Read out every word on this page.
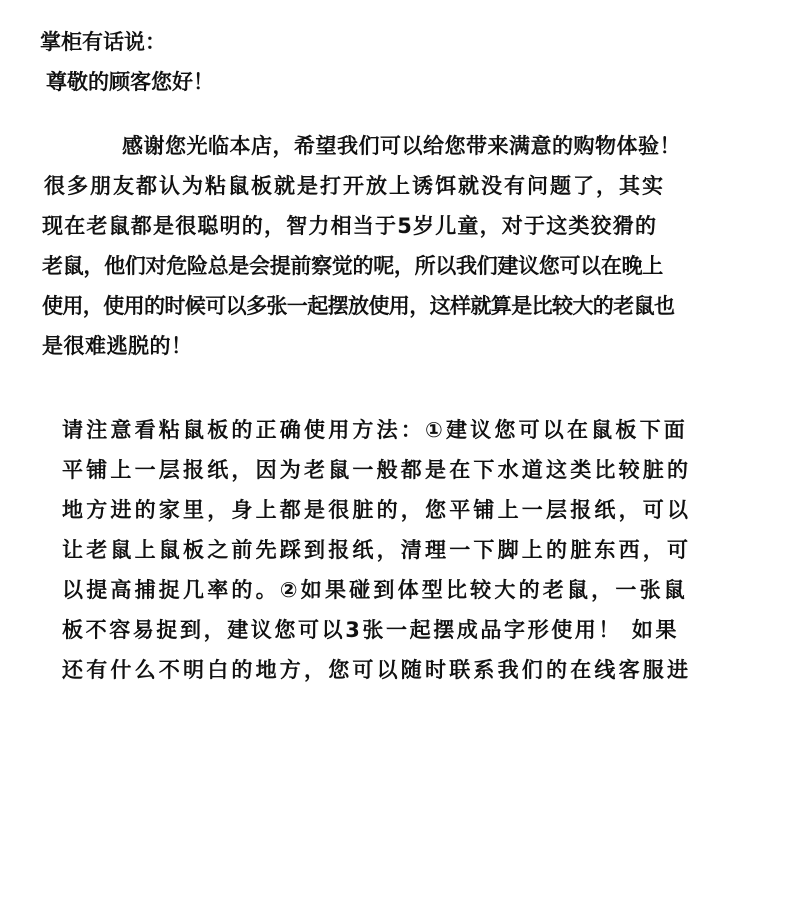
掌柜有话说：
尊敬的顾客您好！
感谢您光临本店，希望我们可以给您带来满意的购物体验！
很多朋友都认为粘鼠板就是打开放上诱饵就没有问题了，其实
现在老鼠都是很聪明的，智力相当于5岁儿童，对于这类狡猾的
老鼠，他们对危险总是会提前察觉的呢，所以我们建议您可以在晚上
使用，使用的时候可以多张一起摆放使用，这样就算是比较大的老鼠也
是很难逃脱的！
请注意看粘鼠板的正确使用方法：①建议您可以在鼠板下面
平铺上一层报纸，因为老鼠一般都是在下水道这类比较脏的
地方进的家里，身上都是很脏的，您平铺上一层报纸，可以
让老鼠上鼠板之前先踩到报纸，清理一下脚上的脏东西，可
以提高捕捉几率的。②如果碰到体型比较大的老鼠，一张鼠
板不容易捉到，建议您可以3张一起摆成品字形使用！ 如果
还有什么不明白的地方，您可以随时联系我们的在线客服进
